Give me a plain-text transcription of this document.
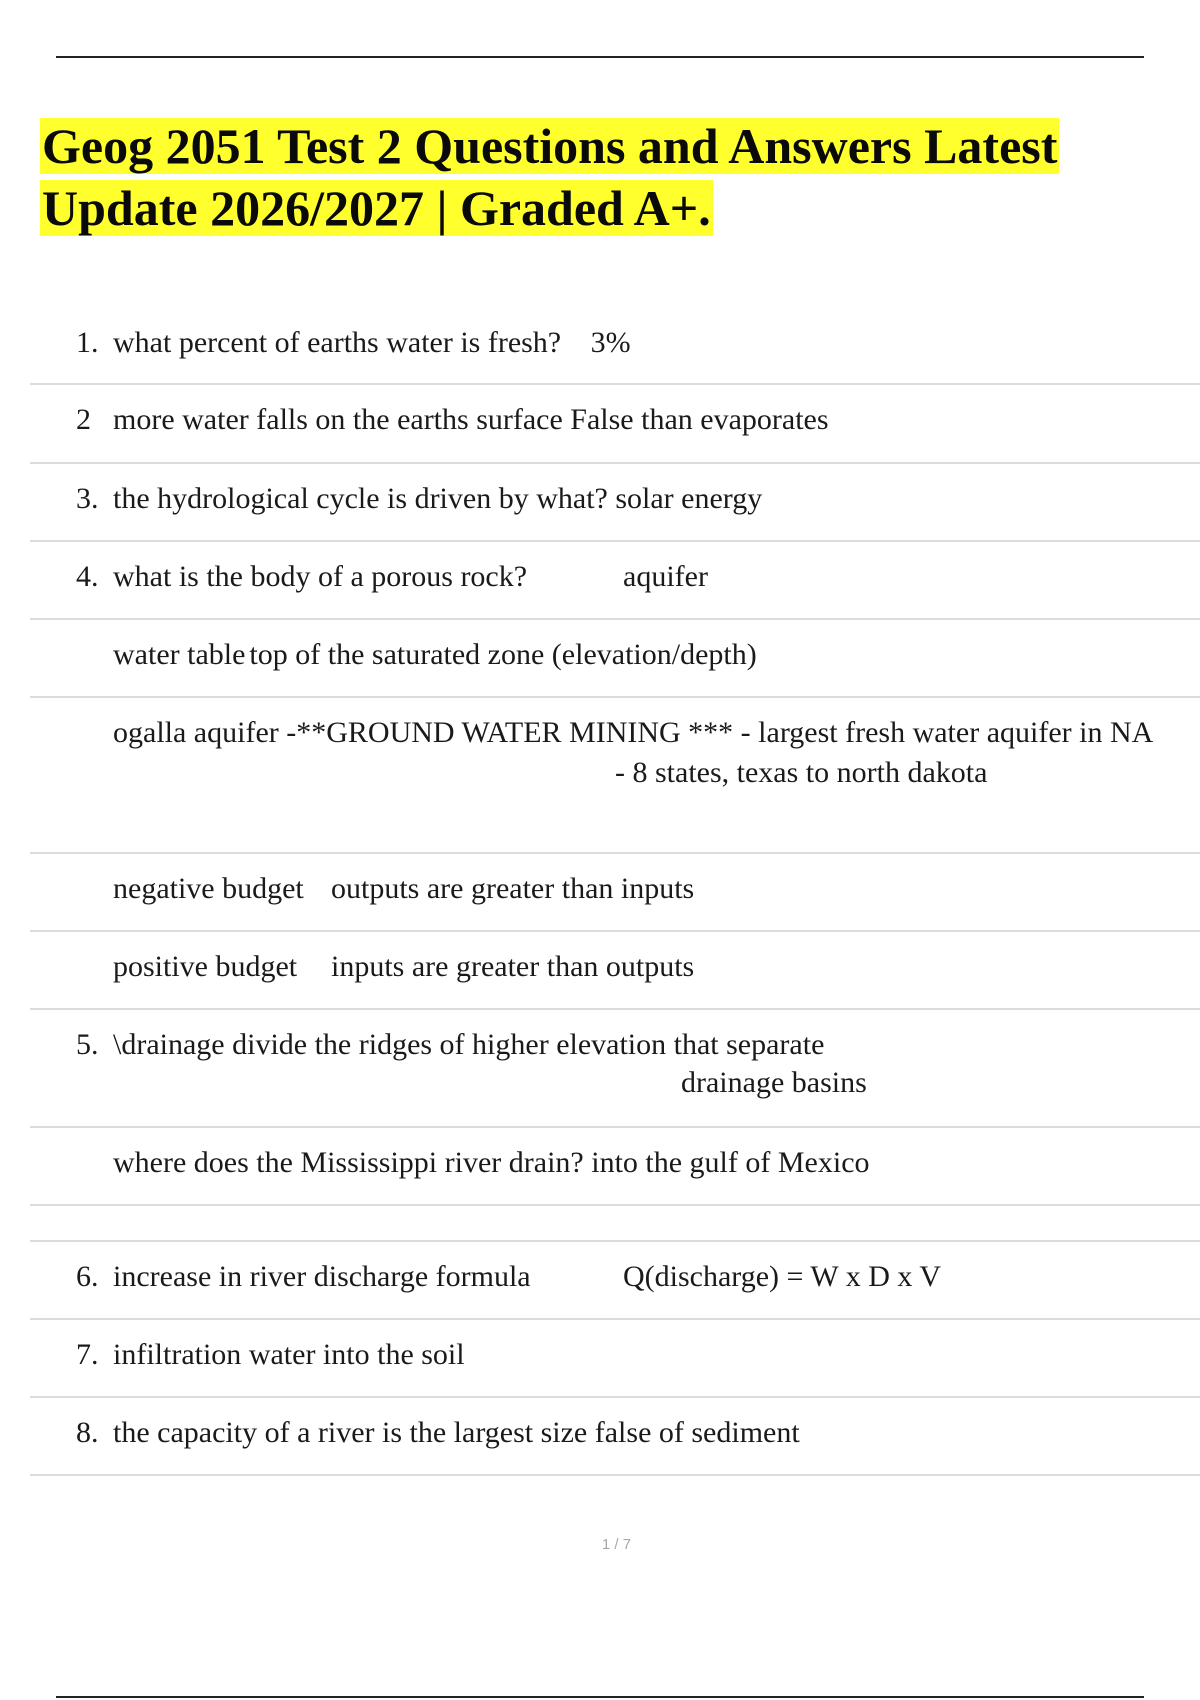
Geog 2051 Test 2 Questions and Answers Latest
Update 2026/2027 | Graded A+.
1. what percent of earths water is fresh? 3%
2 more water falls on the earths surface False than evaporates
3. the hydrological cycle is driven by what? solar energy
4. what is the body of a porous rock?	aquifer
water table top of the saturated zone (elevation/depth)
ogalla aquifer -**GROUND WATER MINING *** - largest fresh water aquifer in NA
- 8 states, texas to north dakota
negative budget outputs are greater than inputs
positive budget inputs are greater than outputs
5. \drainage divide the ridges of higher elevation that separate
drainage basins
where does the Mississippi river drain? into the gulf of Mexico
6. increase in river discharge formula	Q(discharge) = W x D x V
7. infiltration water into the soil
8. the capacity of a river is the largest size false of sediment
1 / 7
